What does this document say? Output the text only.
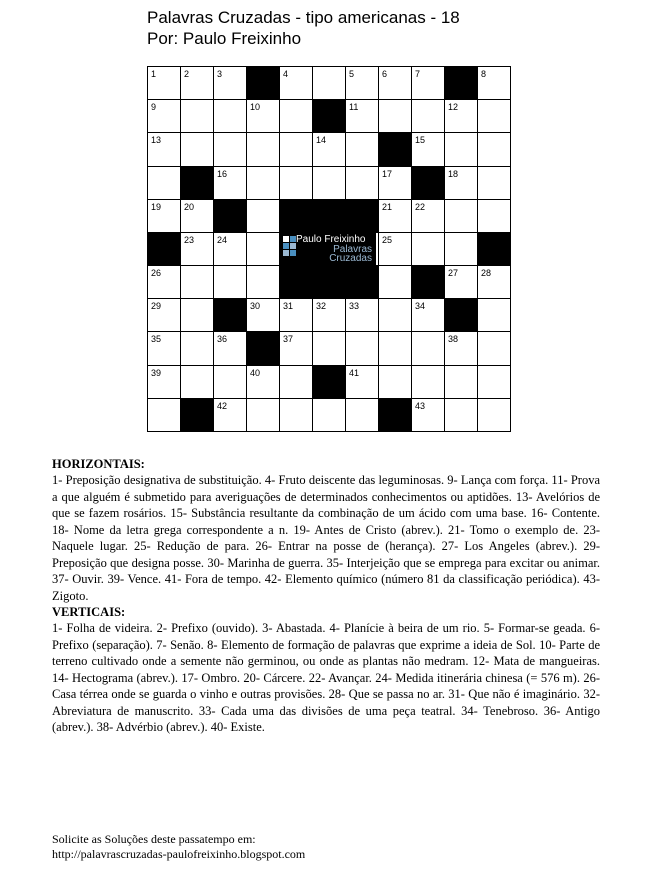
Palavras Cruzadas - tipo americanas - 18
Por: Paulo Freixinho
1	2	3	4	5	6	7	8
9	10	11	12
13	14	15
16	17	18
19	20	21	22
23	24	25
26	27	28
29	30	31	32	33	34
35	36	37	38
39	40	41
42	43
Paulo Freixinho
Palavras
Cruzadas
HORIZONTAIS:

1- Preposição designativa de substituição. 4- Fruto deiscente das leguminosas. 9- Lança com força. 11- Prova a que alguém é submetido para averiguações de determinados conhecimentos ou aptidões. 13- Avelórios de que se fazem rosários. 15- Substância resultante da combinação de um ácido com uma base. 16- Contente. 18- Nome da letra grega correspondente a n. 19- Antes de Cristo (abrev.). 21- Tomo o exemplo de. 23- Naquele lugar. 25- Redução de para. 26- Entrar na posse de (herança). 27- Los Angeles (abrev.). 29- Preposição que designa posse. 30- Marinha de guerra. 35- Interjeição que se emprega para excitar ou animar. 37- Ouvir. 39- Vence. 41- Fora de tempo. 42- Elemento químico (número 81 da classificação periódica). 43- Zigoto.

VERTICAIS:

1- Folha de videira. 2- Prefixo (ouvido). 3- Abastada. 4- Planície à beira de um rio. 5- Formar-se geada. 6- Prefixo (separação). 7- Senão. 8- Elemento de formação de palavras que exprime a ideia de Sol. 10- Parte de terreno cultivado onde a semente não germinou, ou onde as plantas não medram. 12- Mata de mangueiras. 14- Hectograma (abrev.). 17- Ombro. 20- Cárcere. 22- Avançar. 24- Medida itinerária chinesa (= 576 m). 26- Casa térrea onde se guarda o vinho e outras provisões. 28- Que se passa no ar. 31- Que não é imaginário. 32- Abreviatura de manuscrito. 33- Cada uma das divisões de uma peça teatral. 34- Tenebroso. 36- Antigo (abrev.). 38- Advérbio (abrev.). 40- Existe.

Solicite as Soluções deste passatempo em:
http://palavrascruzadas-paulofreixinho.blogspot.com
